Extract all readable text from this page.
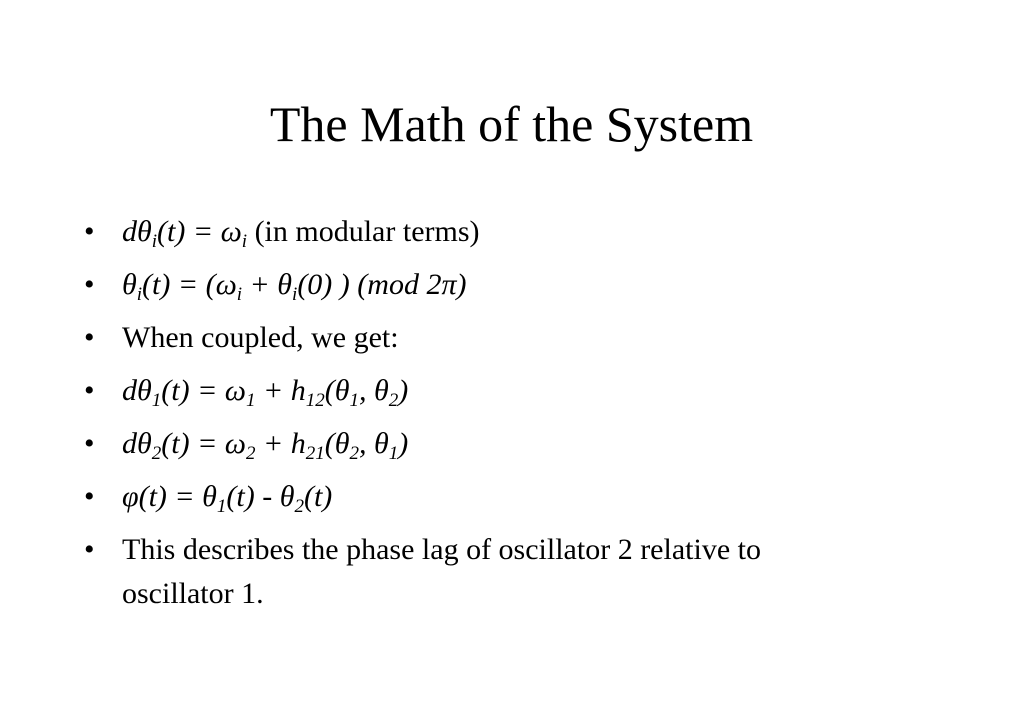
The Math of the System
• $d\theta_i(t) = \omega_i$ (in modular terms)
• $\theta_i(t) = (\omega_i + \theta_i(0)$ ) (mod 2π)
• When coupled, we get:
• $d\theta_1(t) = \omega_1 + h_{12}(\theta_1$, $\theta_2$)
• $d\theta_2(t) = \omega_2 + h_{21}(\theta_2$, $\theta_1$)
• $\varphi(t) = \theta_1(t) - \theta_2(t)$
• This describes the phase lag of oscillator 2 relative to
oscillator 1.
